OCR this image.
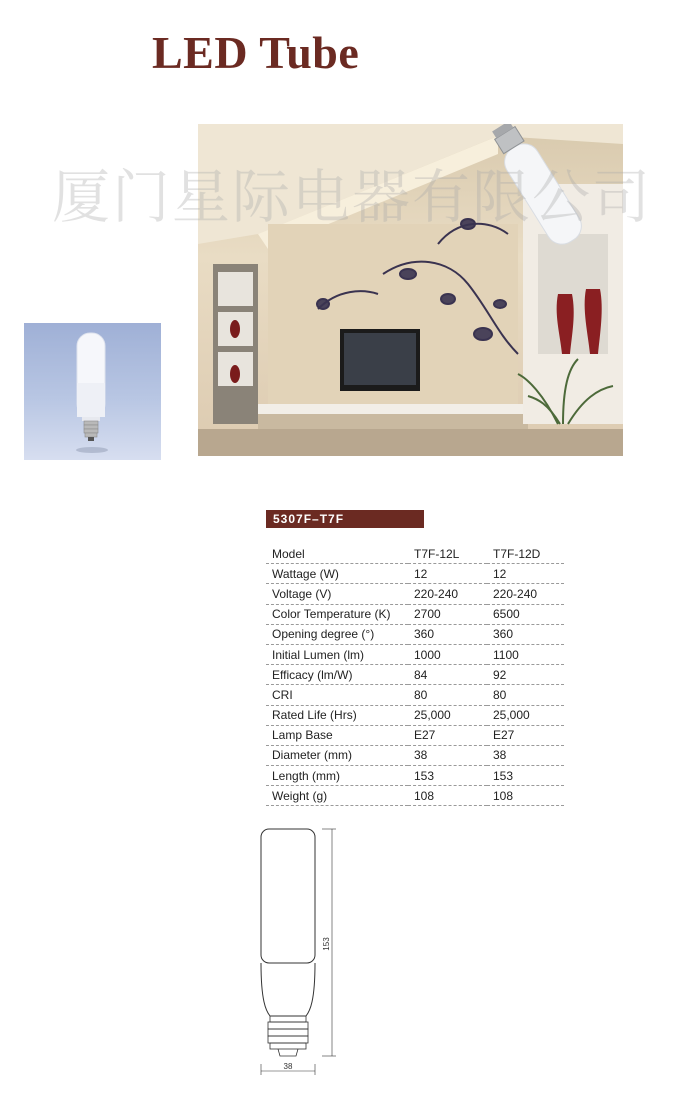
LED Tube
厦门星际电器有限公司
5307F–T7F
Model	T7F-12L	T7F-12D
Wattage (W)	12	12
Voltage (V)	220-240	220-240
Color Temperature (K)	2700	6500
Opening degree (°)	360	360
Initial Lumen (lm)	1000	1100
Efficacy (lm/W)	84	92
CRI	80	80
Rated Life (Hrs)	25,000	25,000
Lamp Base	E27	E27
Diameter (mm)	38	38
Length (mm)	153	153
Weight (g)	108	108
153
38
